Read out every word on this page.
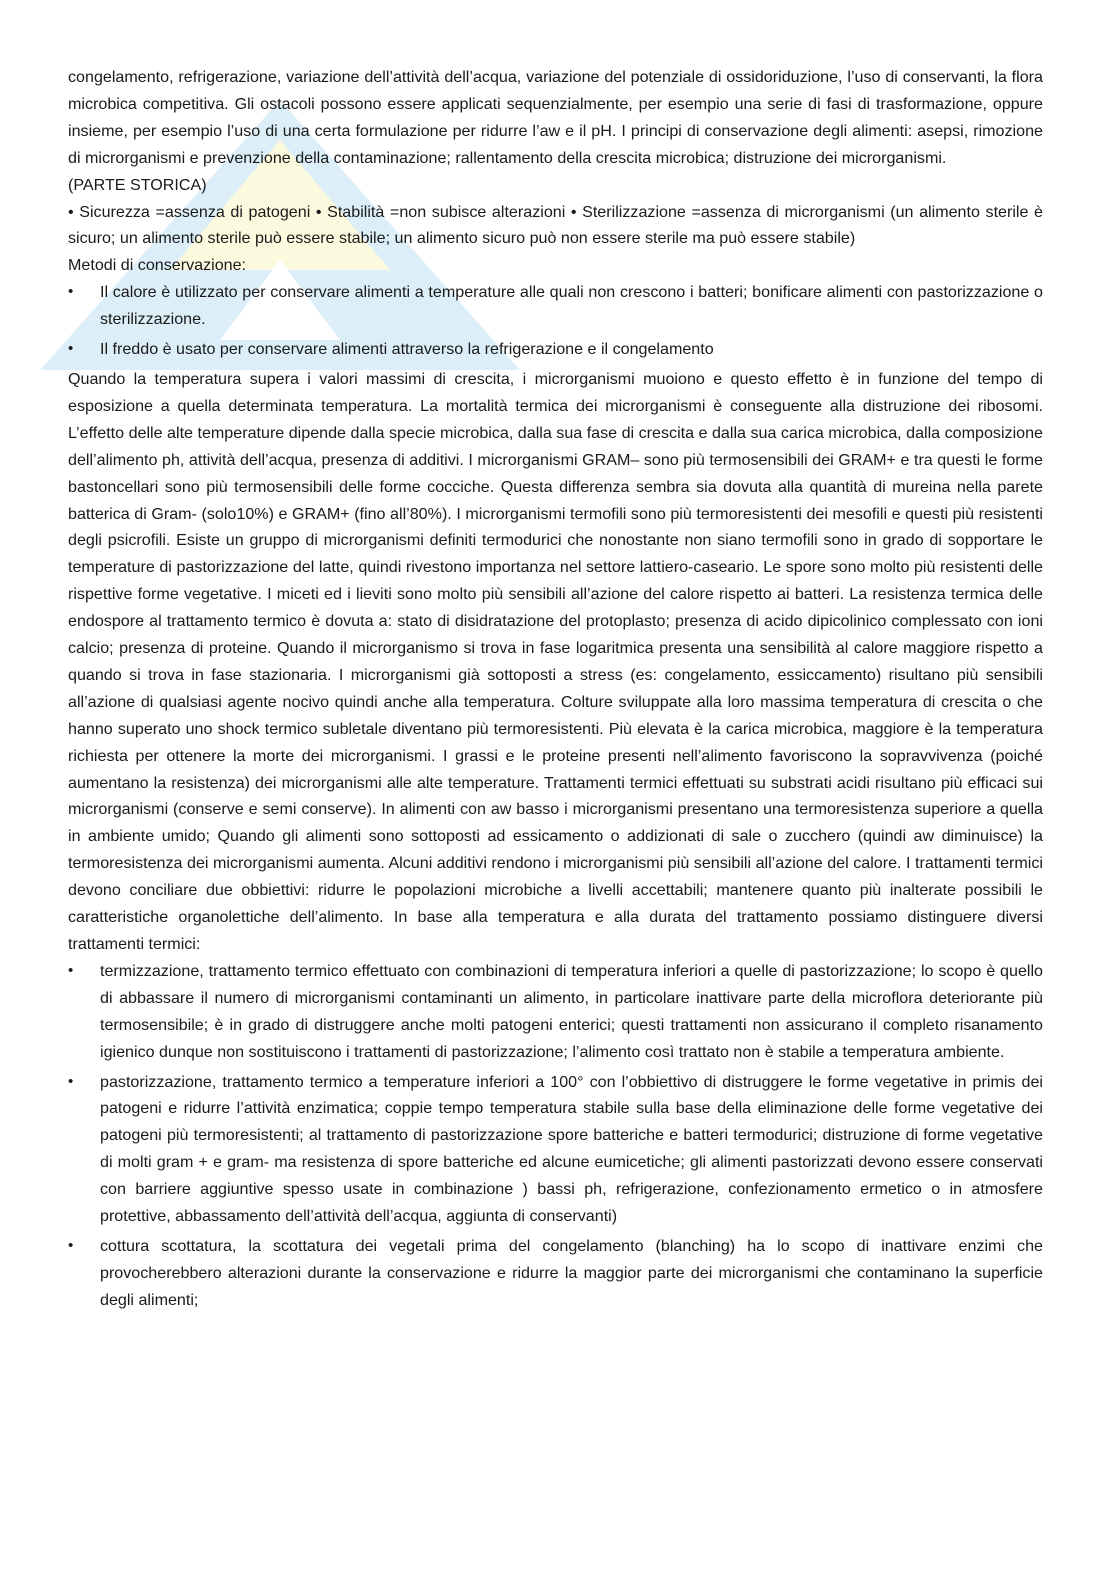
congelamento, refrigerazione, variazione dell’attività dell’acqua, variazione del potenziale di ossidoriduzione, l’uso di conservanti, la flora microbica competitiva. Gli ostacoli possono essere applicati sequenzialmente, per esempio una serie di fasi di trasformazione, oppure insieme, per esempio l’uso di una certa formulazione per ridurre l’aw e il pH. I principi di conservazione degli alimenti: asepsi, rimozione di microrganismi e prevenzione della contaminazione; rallentamento della crescita microbica; distruzione dei microrganismi.

(PARTE STORICA)

• Sicurezza =assenza di patogeni • Stabilità =non subisce alterazioni • Sterilizzazione =assenza di microrganismi (un alimento sterile è sicuro; un alimento sterile può essere stabile; un alimento sicuro può non essere sterile ma può essere stabile)

Metodi di conservazione:

• Il calore è utilizzato per conservare alimenti a temperature alle quali non crescono i batteri; bonificare alimenti con pastorizzazione o sterilizzazione.
• Il freddo è usato per conservare alimenti attraverso la refrigerazione e il congelamento

Quando la temperatura supera i valori massimi di crescita, i microrganismi muoiono e questo effetto è in funzione del tempo di esposizione a quella determinata temperatura. La mortalità termica dei microrganismi è conseguente alla distruzione dei ribosomi. L’effetto delle alte temperature dipende dalla specie microbica, dalla sua fase di crescita e dalla sua carica microbica, dalla composizione dell’alimento ph, attività dell’acqua, presenza di additivi. I microrganismi GRAM– sono più termosensibili dei GRAM+ e tra questi le forme bastoncellari sono più termosensibili delle forme cocciche. Questa differenza sembra sia dovuta alla quantità di mureina nella parete batterica di Gram- (solo10%) e GRAM+ (fino all’80%). I microrganismi termofili sono più termoresistenti dei mesofili e questi più resistenti degli psicrofili. Esiste un gruppo di microrganismi definiti termodurici che nonostante non siano termofili sono in grado di sopportare le temperature di pastorizzazione del latte, quindi rivestono importanza nel settore lattiero-caseario. Le spore sono molto più resistenti delle rispettive forme vegetative. I miceti ed i lieviti sono molto più sensibili all’azione del calore rispetto ai batteri. La resistenza termica delle endospore al trattamento termico è dovuta a: stato di disidratazione del protoplasto; presenza di acido dipicolinico complessato con ioni calcio; presenza di proteine. Quando il microrganismo si trova in fase logaritmica presenta una sensibilità al calore maggiore rispetto a quando si trova in fase stazionaria. I microrganismi già sottoposti a stress (es: congelamento, essiccamento) risultano più sensibili all’azione di qualsiasi agente nocivo quindi anche alla temperatura. Colture sviluppate alla loro massima temperatura di crescita o che hanno superato uno shock termico subletale diventano più termoresistenti. Più elevata è la carica microbica, maggiore è la temperatura richiesta per ottenere la morte dei microrganismi. I grassi e le proteine presenti nell’alimento favoriscono la sopravvivenza (poiché aumentano la resistenza) dei microrganismi alle alte temperature. Trattamenti termici effettuati su substrati acidi risultano più efficaci sui microrganismi (conserve e semi conserve). In alimenti con aw basso i microrganismi presentano una termoresistenza superiore a quella in ambiente umido; Quando gli alimenti sono sottoposti ad essicamento o addizionati di sale o zucchero (quindi aw diminuisce) la termoresistenza dei microrganismi aumenta. Alcuni additivi rendono i microrganismi più sensibili all’azione del calore. I trattamenti termici devono conciliare due obbiettivi: ridurre le popolazioni microbiche a livelli accettabili; mantenere quanto più inalterate possibili le caratteristiche organolettiche dell’alimento. In base alla temperatura e alla durata del trattamento possiamo distinguere diversi trattamenti termici:

• termizzazione, trattamento termico effettuato con combinazioni di temperatura inferiori a quelle di pastorizzazione; lo scopo è quello di abbassare il numero di microrganismi contaminanti un alimento, in particolare inattivare parte della microflora deteriorante più termosensibile; è in grado di distruggere anche molti patogeni enterici; questi trattamenti non assicurano il completo risanamento igienico dunque non sostituiscono i trattamenti di pastorizzazione; l’alimento così trattato non è stabile a temperatura ambiente.
• pastorizzazione, trattamento termico a temperature inferiori a 100° con l’obbiettivo di distruggere le forme vegetative in primis dei patogeni e ridurre l’attività enzimatica; coppie tempo temperatura stabile sulla base della eliminazione delle forme vegetative dei patogeni più termoresistenti; al trattamento di pastorizzazione spore batteriche e batteri termodurici; distruzione di forme vegetative di molti gram + e gram- ma resistenza di spore batteriche ed alcune eumicetiche; gli alimenti pastorizzati devono essere conservati con barriere aggiuntive spesso usate in combinazione ) bassi ph, refrigerazione, confezionamento ermetico o in atmosfere protettive, abbassamento dell’attività dell’acqua, aggiunta di conservanti)
• cottura scottatura, la scottatura dei vegetali prima del congelamento (blanching) ha lo scopo di inattivare enzimi che provocherebbero alterazioni durante la conservazione e ridurre la maggior parte dei microrganismi che contaminano la superficie degli alimenti;
